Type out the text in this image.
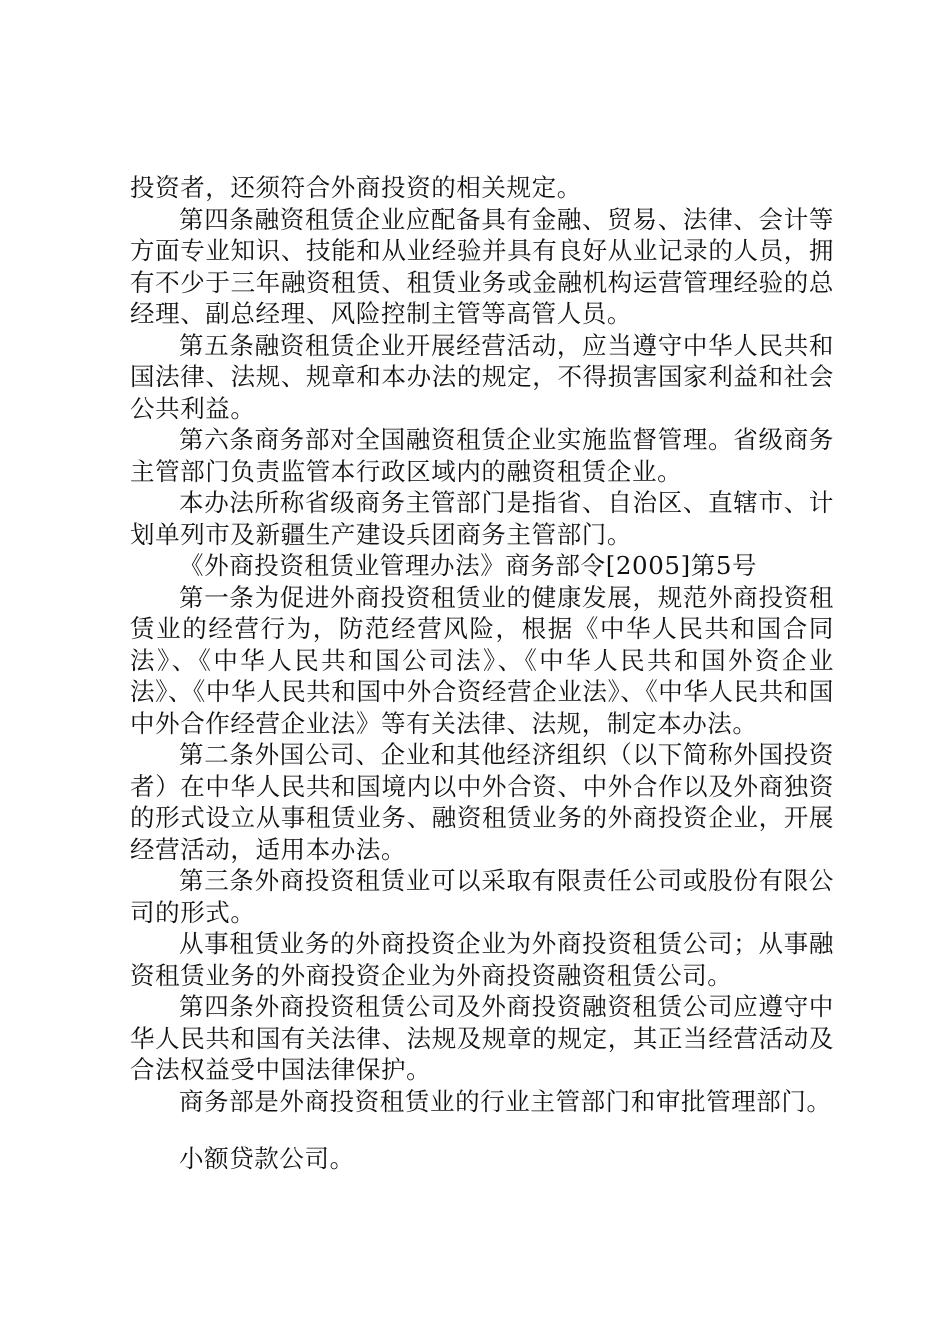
投资者，还须符合外商投资的相关规定。

第四条融资租赁企业应配备具有金融、贸易、法律、会计等方面专业知识、技能和从业经验并具有良好从业记录的人员，拥有不少于三年融资租赁、租赁业务或金融机构运营管理经验的总经理、副总经理、风险控制主管等高管人员。

第五条融资租赁企业开展经营活动，应当遵守中华人民共和国法律、法规、规章和本办法的规定，不得损害国家利益和社会公共利益。

第六条商务部对全国融资租赁企业实施监督管理。省级商务主管部门负责监管本行政区域内的融资租赁企业。

本办法所称省级商务主管部门是指省、自治区、直辖市、计划单列市及新疆生产建设兵团商务主管部门。

《外商投资租赁业管理办法》商务部令[2005]第5号

第一条为促进外商投资租赁业的健康发展，规范外商投资租赁业的经营行为，防范经营风险，根据《中华人民共和国合同法》、《中华人民共和国公司法》、《中华人民共和国外资企业法》、《中华人民共和国中外合资经营企业法》、《中华人民共和国中外合作经营企业法》等有关法律、法规，制定本办法。

第二条外国公司、企业和其他经济组织（以下简称外国投资者）在中华人民共和国境内以中外合资、中外合作以及外商独资的形式设立从事租赁业务、融资租赁业务的外商投资企业，开展经营活动，适用本办法。

第三条外商投资租赁业可以采取有限责任公司或股份有限公司的形式。

从事租赁业务的外商投资企业为外商投资租赁公司；从事融资租赁业务的外商投资企业为外商投资融资租赁公司。

第四条外商投资租赁公司及外商投资融资租赁公司应遵守中华人民共和国有关法律、法规及规章的规定，其正当经营活动及合法权益受中国法律保护。

商务部是外商投资租赁业的行业主管部门和审批管理部门。

小额贷款公司。
